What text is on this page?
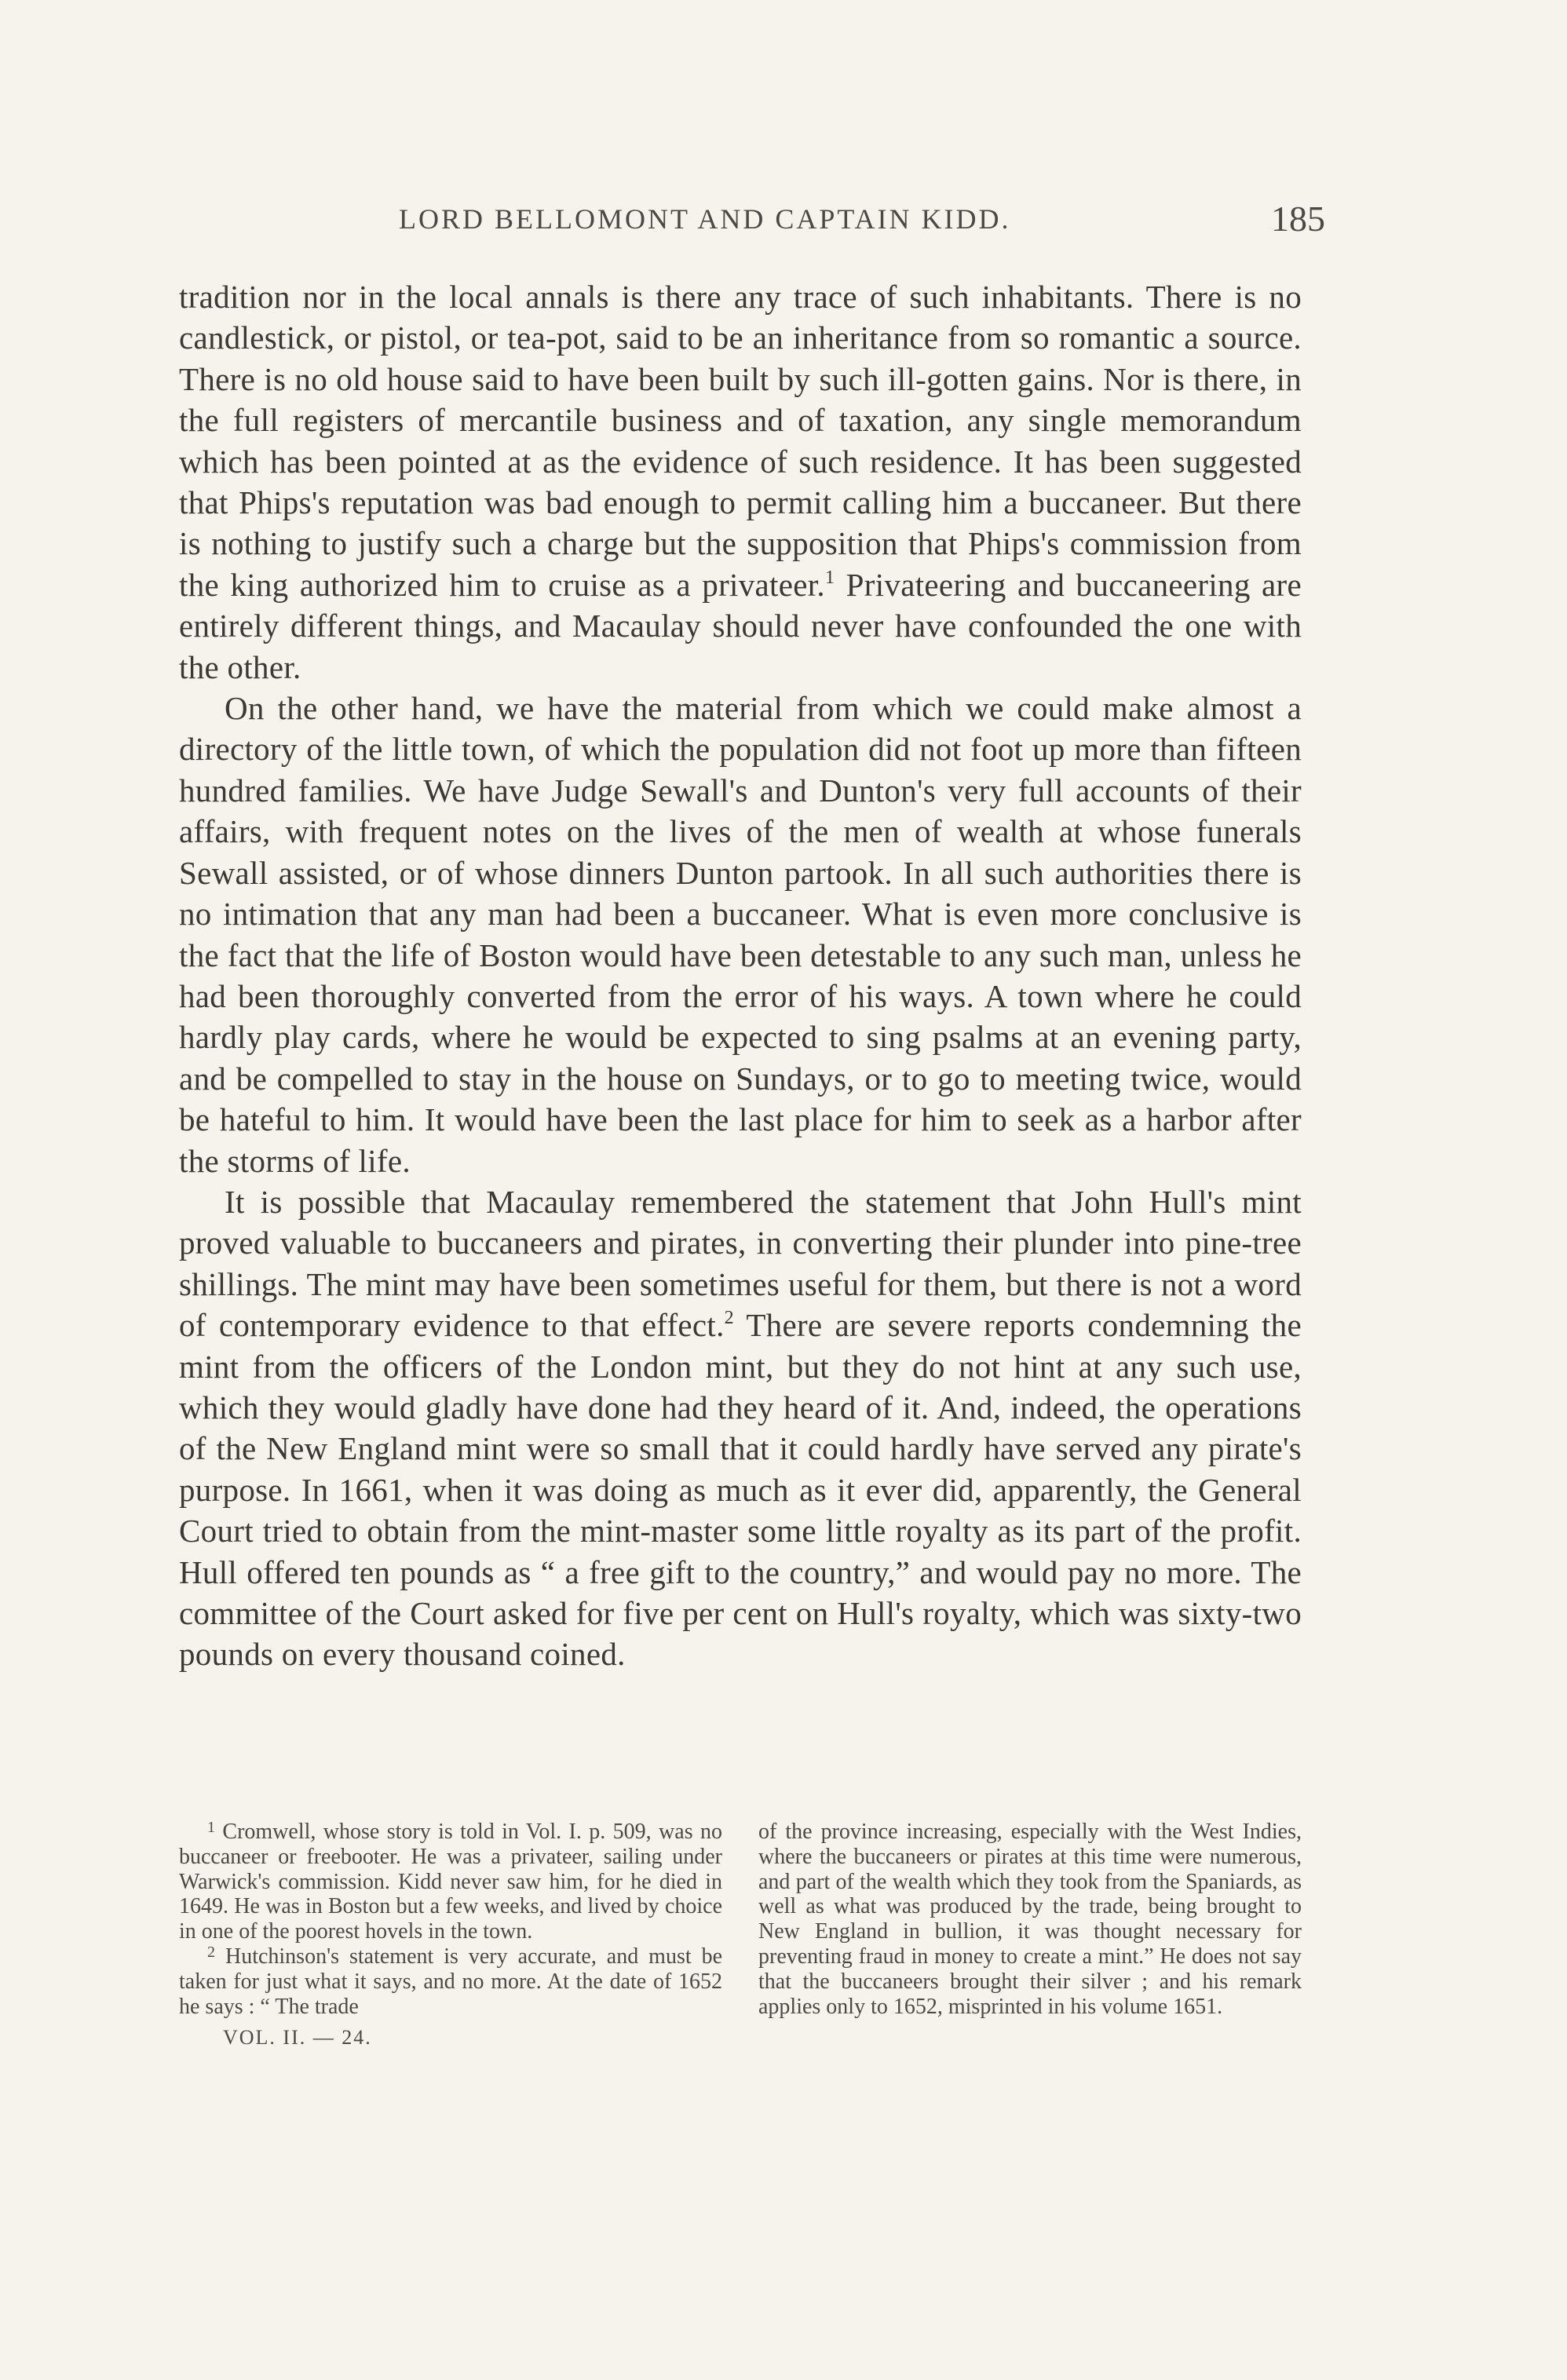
LORD BELLOMONT AND CAPTAIN KIDD.	185

tradition nor in the local annals is there any trace of such inhabitants. There is no candlestick, or pistol, or tea-pot, said to be an inheritance from so romantic a source. There is no old house said to have been built by such ill-gotten gains. Nor is there, in the full registers of mercantile business and of taxation, any single memorandum which has been pointed at as the evidence of such residence. It has been suggested that Phips's reputation was bad enough to permit calling him a buccaneer. But there is nothing to justify such a charge but the supposition that Phips's commission from the king authorized him to cruise as a privateer.$^1$ Privateering and buccaneering are entirely different things, and Macaulay should never have confounded the one with the other.

On the other hand, we have the material from which we could make almost a directory of the little town, of which the population did not foot up more than fifteen hundred families. We have Judge Sewall's and Dunton's very full accounts of their affairs, with frequent notes on the lives of the men of wealth at whose funerals Sewall assisted, or of whose dinners Dunton partook. In all such authorities there is no intimation that any man had been a buccaneer. What is even more conclusive is the fact that the life of Boston would have been detestable to any such man, unless he had been thoroughly converted from the error of his ways. A town where he could hardly play cards, where he would be expected to sing psalms at an evening party, and be compelled to stay in the house on Sundays, or to go to meeting twice, would be hateful to him. It would have been the last place for him to seek as a harbor after the storms of life.

It is possible that Macaulay remembered the statement that John Hull's mint proved valuable to buccaneers and pirates, in converting their plunder into pine-tree shillings. The mint may have been sometimes useful for them, but there is not a word of contemporary evidence to that effect.$^2$ There are severe reports condemning the mint from the officers of the London mint, but they do not hint at any such use, which they would gladly have done had they heard of it. And, indeed, the operations of the New England mint were so small that it could hardly have served any pirate's purpose. In 1661, when it was doing as much as it ever did, apparently, the General Court tried to obtain from the mint-master some little royalty as its part of the profit. Hull offered ten pounds as “ a free gift to the country,” and would pay no more. The committee of the Court asked for five per cent on Hull's royalty, which was sixty-two pounds on every thousand coined.

$^1$ Cromwell, whose story is told in Vol. I. p. 509, was no buccaneer or freebooter. He was a privateer, sailing under Warwick's commission. Kidd never saw him, for he died in 1649. He was in Boston but a few weeks, and lived by choice in one of the poorest hovels in the town.

$^2$ Hutchinson's statement is very accurate, and must be taken for just what it says, and no more. At the date of 1652 he says : “ The trade

VOL. II. — 24.

of the province increasing, especially with the West Indies, where the buccaneers or pirates at this time were numerous, and part of the wealth which they took from the Spaniards, as well as what was produced by the trade, being brought to New England in bullion, it was thought necessary for preventing fraud in money to create a mint.” He does not say that the buccaneers brought their silver ; and his remark applies only to 1652, misprinted in his volume 1651.
